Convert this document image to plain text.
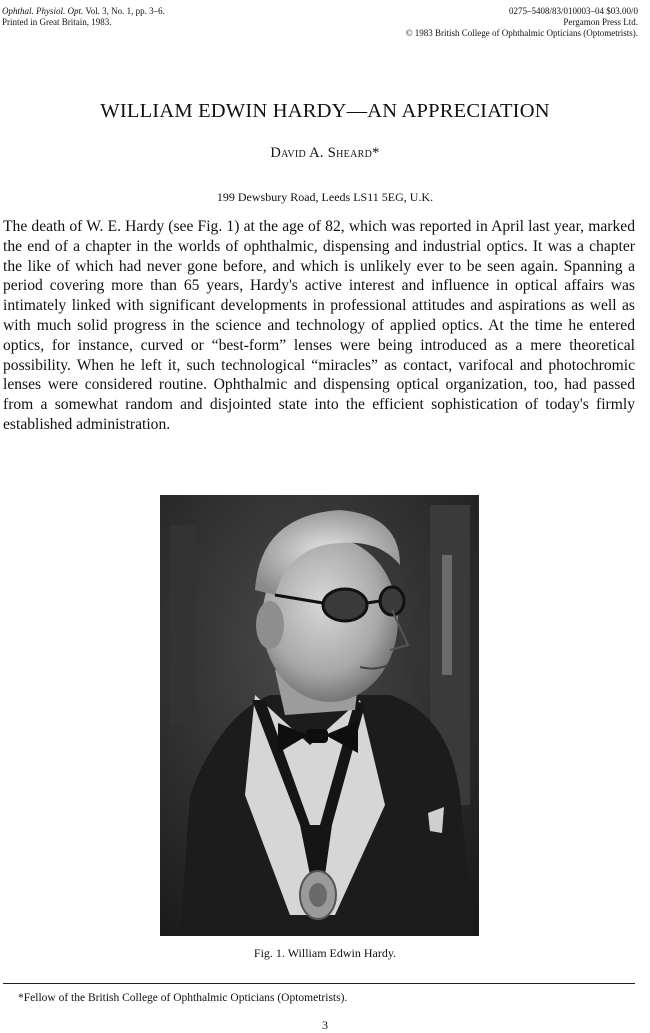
Ophthal. Physiol. Opt. Vol. 3, No. 1, pp. 3–6.
Printed in Great Britain, 1983.
0275–5408/83/010003–04 $03.00/0
Pergamon Press Ltd.
© 1983 British College of Ophthalmic Opticians (Optometrists).
WILLIAM EDWIN HARDY—AN APPRECIATION
David A. Sheard*
199 Dewsbury Road, Leeds LS11 5EG, U.K.

The death of W. E. Hardy (see Fig. 1) at the age of 82, which was reported in April last year, marked the end of a chapter in the worlds of ophthalmic, dispensing and industrial optics. It was a chapter the like of which had never gone before, and which is unlikely ever to be seen again. Spanning a period covering more than 65 years, Hardy's active interest and influence in optical affairs was intimately linked with significant developments in professional attitudes and aspirations as well as with much solid progress in the science and technology of applied optics. At the time he entered optics, for instance, curved or “best-form” lenses were being introduced as a mere theoretical possibility. When he left it, such technological “miracles” as contact, varifocal and photochromic lenses were considered routine. Ophthalmic and dispensing optical organization, too, had passed from a somewhat random and disjointed state into the efficient sophistication of today's firmly established administration.

Fig. 1. William Edwin Hardy.
*Fellow of the British College of Ophthalmic Opticians (Optometrists).
3
